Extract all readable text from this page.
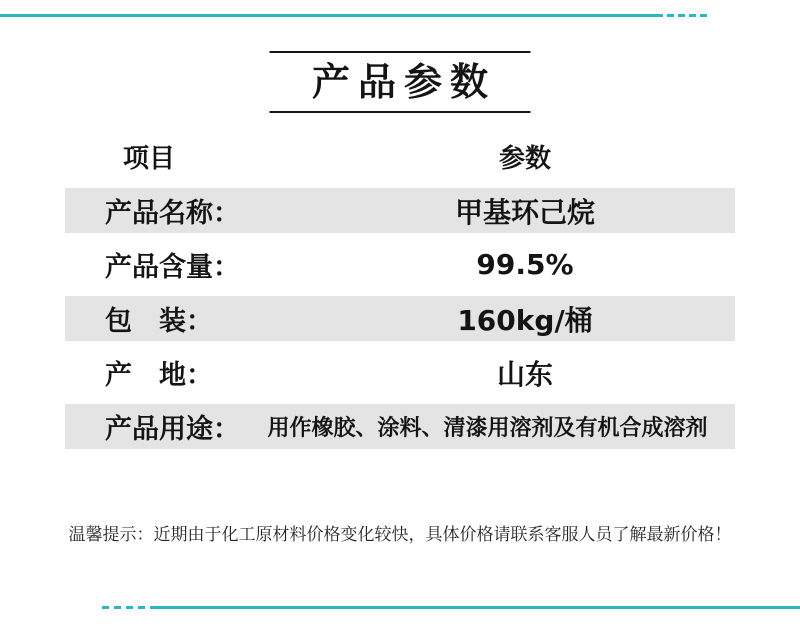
产品参数
项目	参数
产品名称：	甲基环己烷
产品含量：	99.5%
包　装：	160kg/桶
产　地：	山东
产品用途：	用作橡胶、涂料、清漆用溶剂及有机合成溶剂

温馨提示：近期由于化工原材料价格变化较快，具体价格请联系客服人员了解最新价格！
